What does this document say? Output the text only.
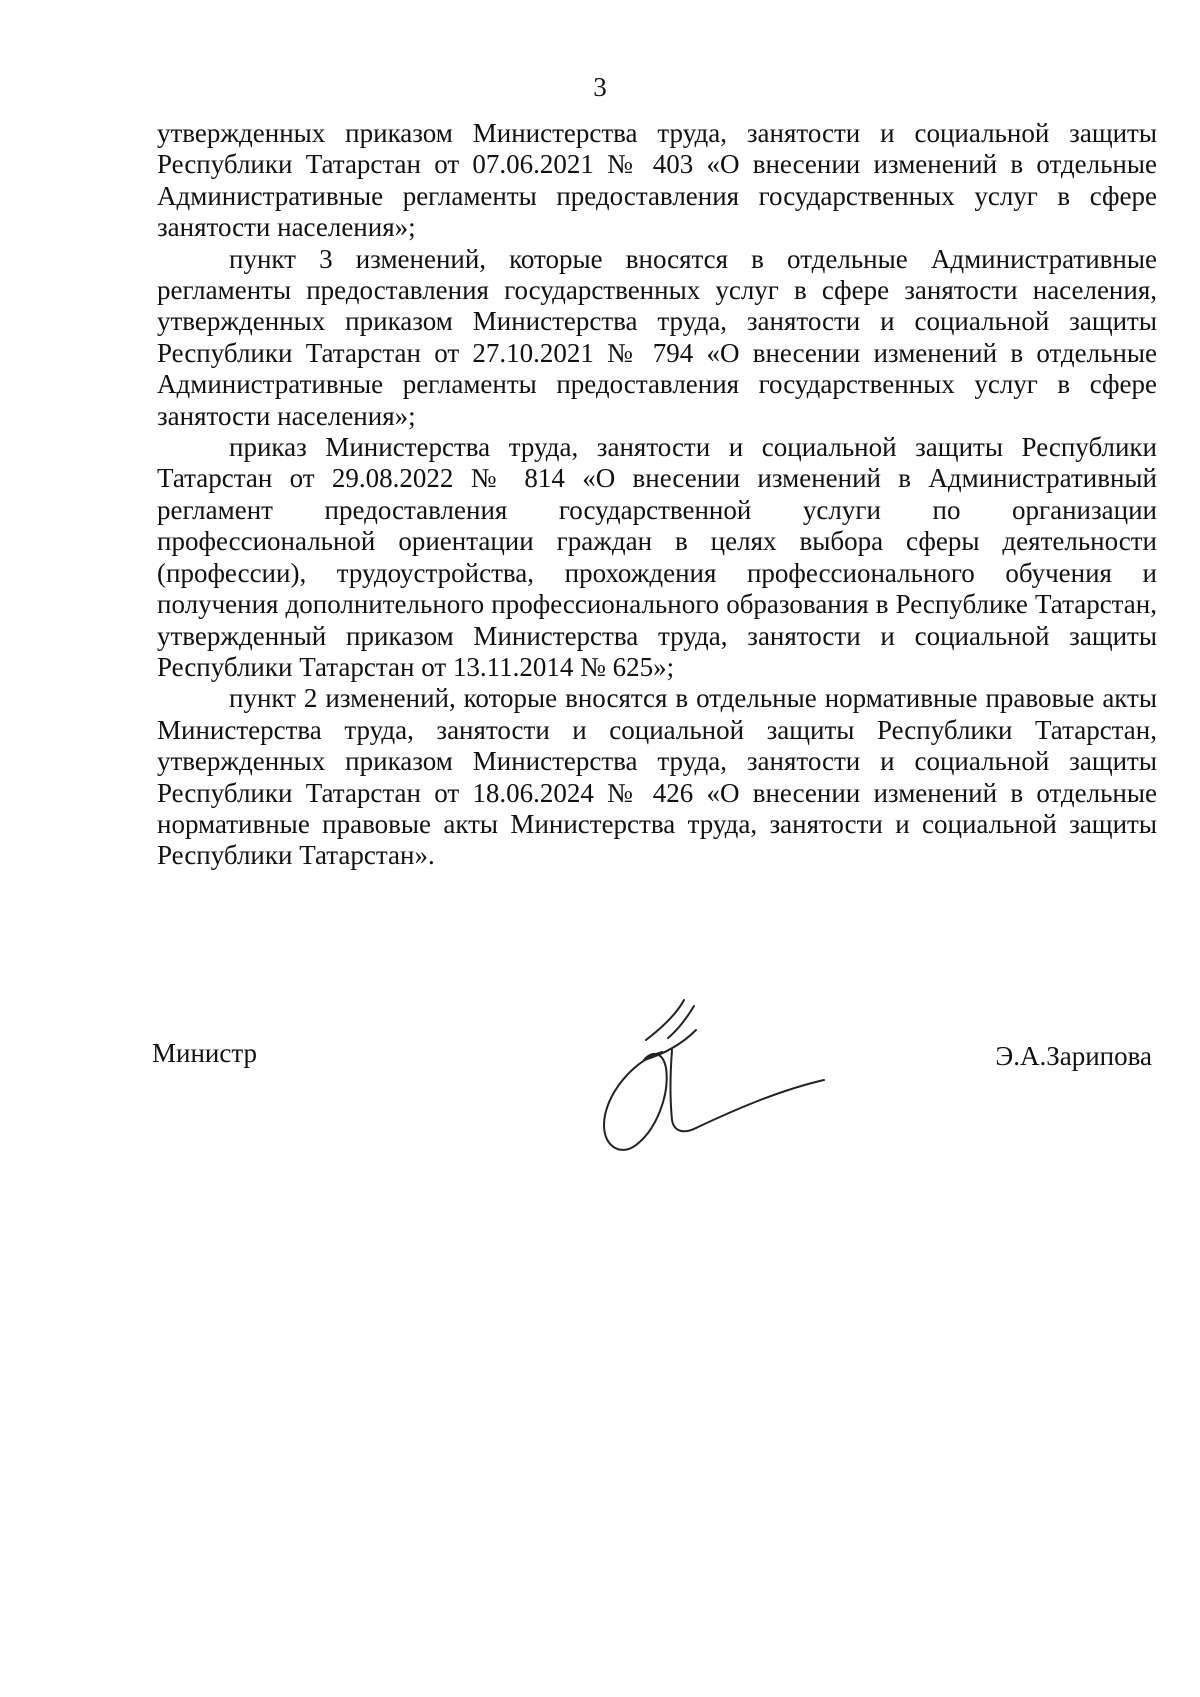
3

утвержденных приказом Министерства труда, занятости и социальной защиты Республики Татарстан от 07.06.2021 № 403 «О внесении изменений в отдельные Административные регламенты предоставления государственных услуг в сфере занятости населения»;

пункт 3 изменений, которые вносятся в отдельные Административные регламенты предоставления государственных услуг в сфере занятости населения, утвержденных приказом Министерства труда, занятости и социальной защиты Республики Татарстан от 27.10.2021 № 794 «О внесении изменений в отдельные Административные регламенты предоставления государственных услуг в сфере занятости населения»;

приказ Министерства труда, занятости и социальной защиты Республики Татарстан от 29.08.2022 № 814 «О внесении изменений в Административный регламент предоставления государственной услуги по организации профессиональной ориентации граждан в целях выбора сферы деятельности (профессии), трудоустройства, прохождения профессионального обучения и получения дополнительного профессионального образования в Республике Татарстан, утвержденный приказом Министерства труда, занятости и социальной защиты Республики Татарстан от 13.11.2014 № 625»;

пункт 2 изменений, которые вносятся в отдельные нормативные правовые акты Министерства труда, занятости и социальной защиты Республики Татарстан, утвержденных приказом Министерства труда, занятости и социальной защиты Республики Татарстан от 18.06.2024 № 426 «О внесении изменений в отдельные нормативные правовые акты Министерства труда, занятости и социальной защиты Республики Татарстан».

Министр	Э.А.Зарипова
